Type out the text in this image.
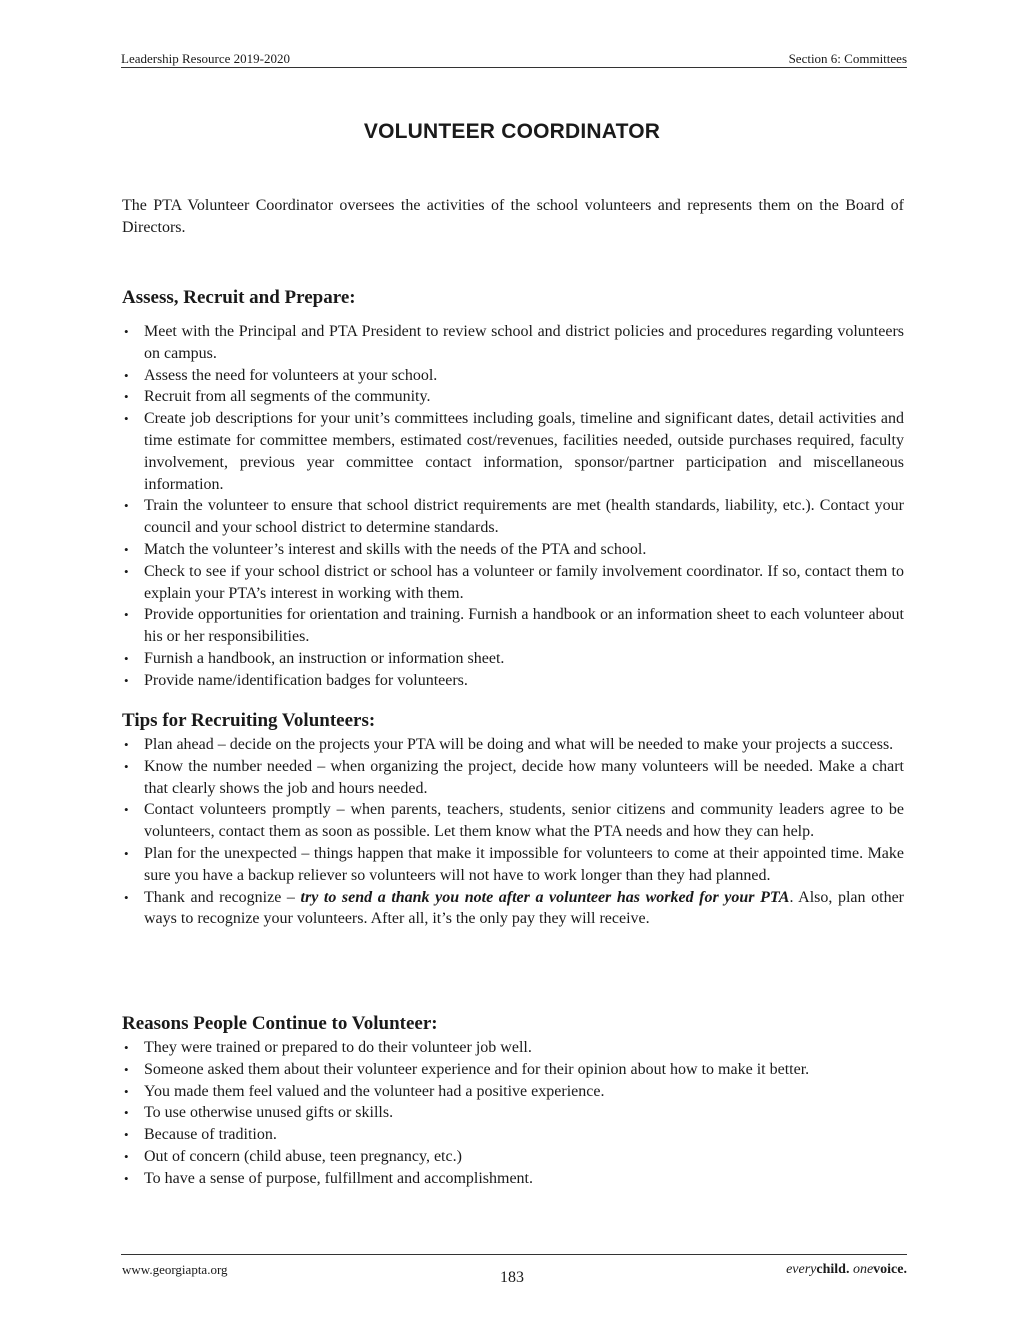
Leadership Resource 2019-2020	Section 6: Committees
VOLUNTEER COORDINATOR

The PTA Volunteer Coordinator oversees the activities of the school volunteers and represents them on the Board of Directors.

Assess, Recruit and Prepare:
• Meet with the Principal and PTA President to review school and district policies and procedures regarding volunteers on campus.
• Assess the need for volunteers at your school.
• Recruit from all segments of the community.
• Create job descriptions for your unit’s committees including goals, timeline and significant dates, detail activities and time estimate for committee members, estimated cost/revenues, facilities needed, outside purchases required, faculty involvement, previous year committee contact information, sponsor/partner participation and miscellaneous information.
• Train the volunteer to ensure that school district requirements are met (health standards, liability, etc.). Contact your council and your school district to determine standards.
• Match the volunteer’s interest and skills with the needs of the PTA and school.
• Check to see if your school district or school has a volunteer or family involvement coordinator. If so, contact them to explain your PTA’s interest in working with them.
• Provide opportunities for orientation and training. Furnish a handbook or an information sheet to each volunteer about his or her responsibilities.
• Furnish a handbook, an instruction or information sheet.
• Provide name/identification badges for volunteers.
Tips for Recruiting Volunteers:
• Plan ahead – decide on the projects your PTA will be doing and what will be needed to make your projects a success.
• Know the number needed – when organizing the project, decide how many volunteers will be needed. Make a chart that clearly shows the job and hours needed.
• Contact volunteers promptly – when parents, teachers, students, senior citizens and community leaders agree to be volunteers, contact them as soon as possible. Let them know what the PTA needs and how they can help.
• Plan for the unexpected – things happen that make it impossible for volunteers to come at their appointed time. Make sure you have a backup reliever so volunteers will not have to work longer than they had planned.
• Thank and recognize – try to send a thank you note after a volunteer has worked for your PTA. Also, plan other ways to recognize your volunteers. After all, it’s the only pay they will receive.
Reasons People Continue to Volunteer:
• They were trained or prepared to do their volunteer job well.
• Someone asked them about their volunteer experience and for their opinion about how to make it better.
• You made them feel valued and the volunteer had a positive experience.
• To use otherwise unused gifts or skills.
• Because of tradition.
• Out of concern (child abuse, teen pregnancy, etc.)
• To have a sense of purpose, fulfillment and accomplishment.
www.georgiapta.org	183	everychild. onevoice.
